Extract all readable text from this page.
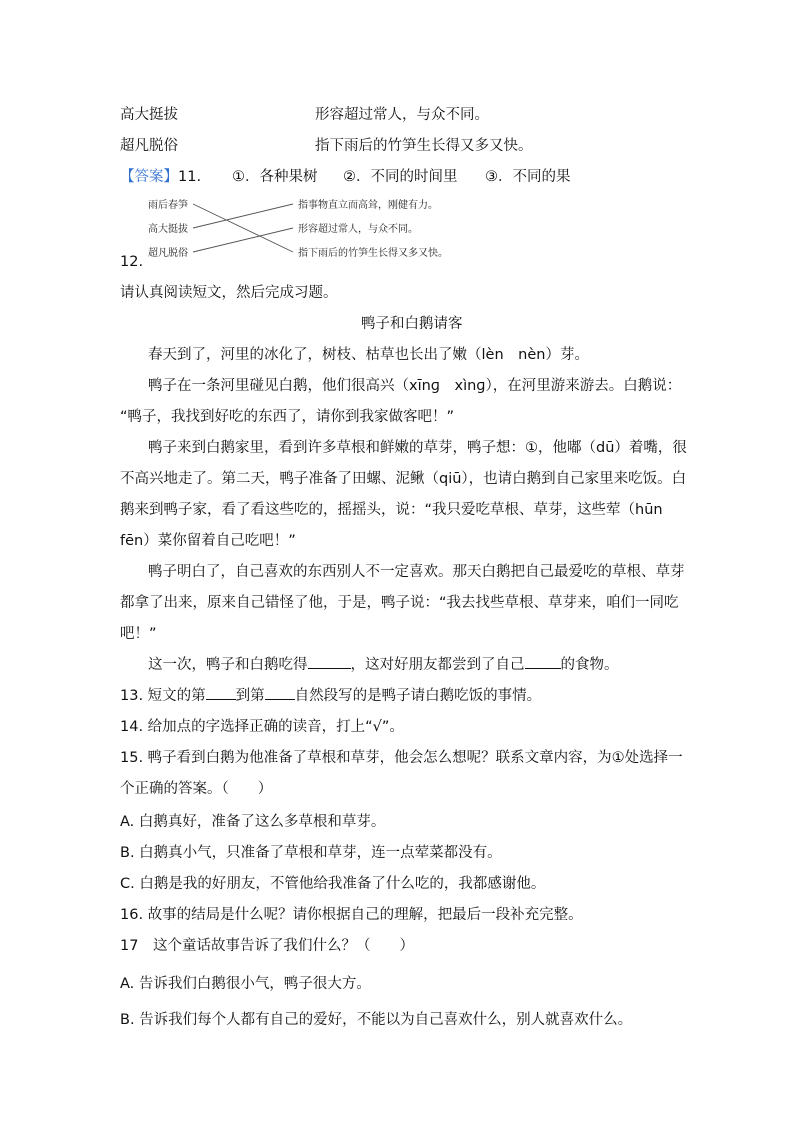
高大挺拔	形容超过常人，与众不同。
超凡脱俗	指下雨后的竹笋生长得又多又快。
【答案】11. ①．各种果树 ②．不同的时间里 ③．不同的果
雨后春笋
高大挺拔
超凡脱俗
指事物直立而高耸，刚健有力。
形容超过常人，与众不同。
指下雨后的竹笋生长得又多又快。
12.
请认真阅读短文，然后完成习题。
鸭子和白鹅请客
春天到了，河里的冰化了，树枝、枯草也长出了嫩（lèn　nèn）芽。
鸭子在一条河里碰见白鹅，他们很高兴（xīnɡ　xìnɡ），在河里游来游去。白鹅说：
“鸭子，我找到好吃的东西了，请你到我家做客吧！”
鸭子来到白鹅家里，看到许多草根和鲜嫩的草芽，鸭子想：①，他嘟（dū）着嘴，很
不高兴地走了。第二天，鸭子准备了田螺、泥鳅（qiū），也请白鹅到自己家里来吃饭。白
鹅来到鸭子家，看了看这些吃的，摇摇头，说：“我只爱吃草根、草芽，这些荤（hūn
fēn）菜你留着自己吃吧！”
鸭子明白了，自己喜欢的东西别人不一定喜欢。那天白鹅把自己最爱吃的草根、草芽
都拿了出来，原来自己错怪了他，于是，鸭子说：“我去找些草根、草芽来，咱们一同吃
吧！”
这一次，鸭子和白鹅吃得	，这对好朋友都尝到了自己 的食物。
13. 短文的第 到第 自然段写的是鸭子请白鹅吃饭的事情。
14. 给加点的字选择正确的读音，打上“√”。
15. 鸭子看到白鹅为他准备了草根和草芽，他会怎么想呢？联系文章内容，为①处选择一
个正确的答案。（　　）
A. 白鹅真好，准备了这么多草根和草芽。
B. 白鹅真小气，只准备了草根和草芽，连一点荤菜都没有。
C. 白鹅是我的好朋友，不管他给我准备了什么吃的，我都感谢他。
16. 故事的结局是什么呢？请你根据自己的理解，把最后一段补充完整。
17　这个童话故事告诉了我们什么？（　　）
A. 告诉我们白鹅很小气，鸭子很大方。
B. 告诉我们每个人都有自己的爱好，不能以为自己喜欢什么，别人就喜欢什么。
